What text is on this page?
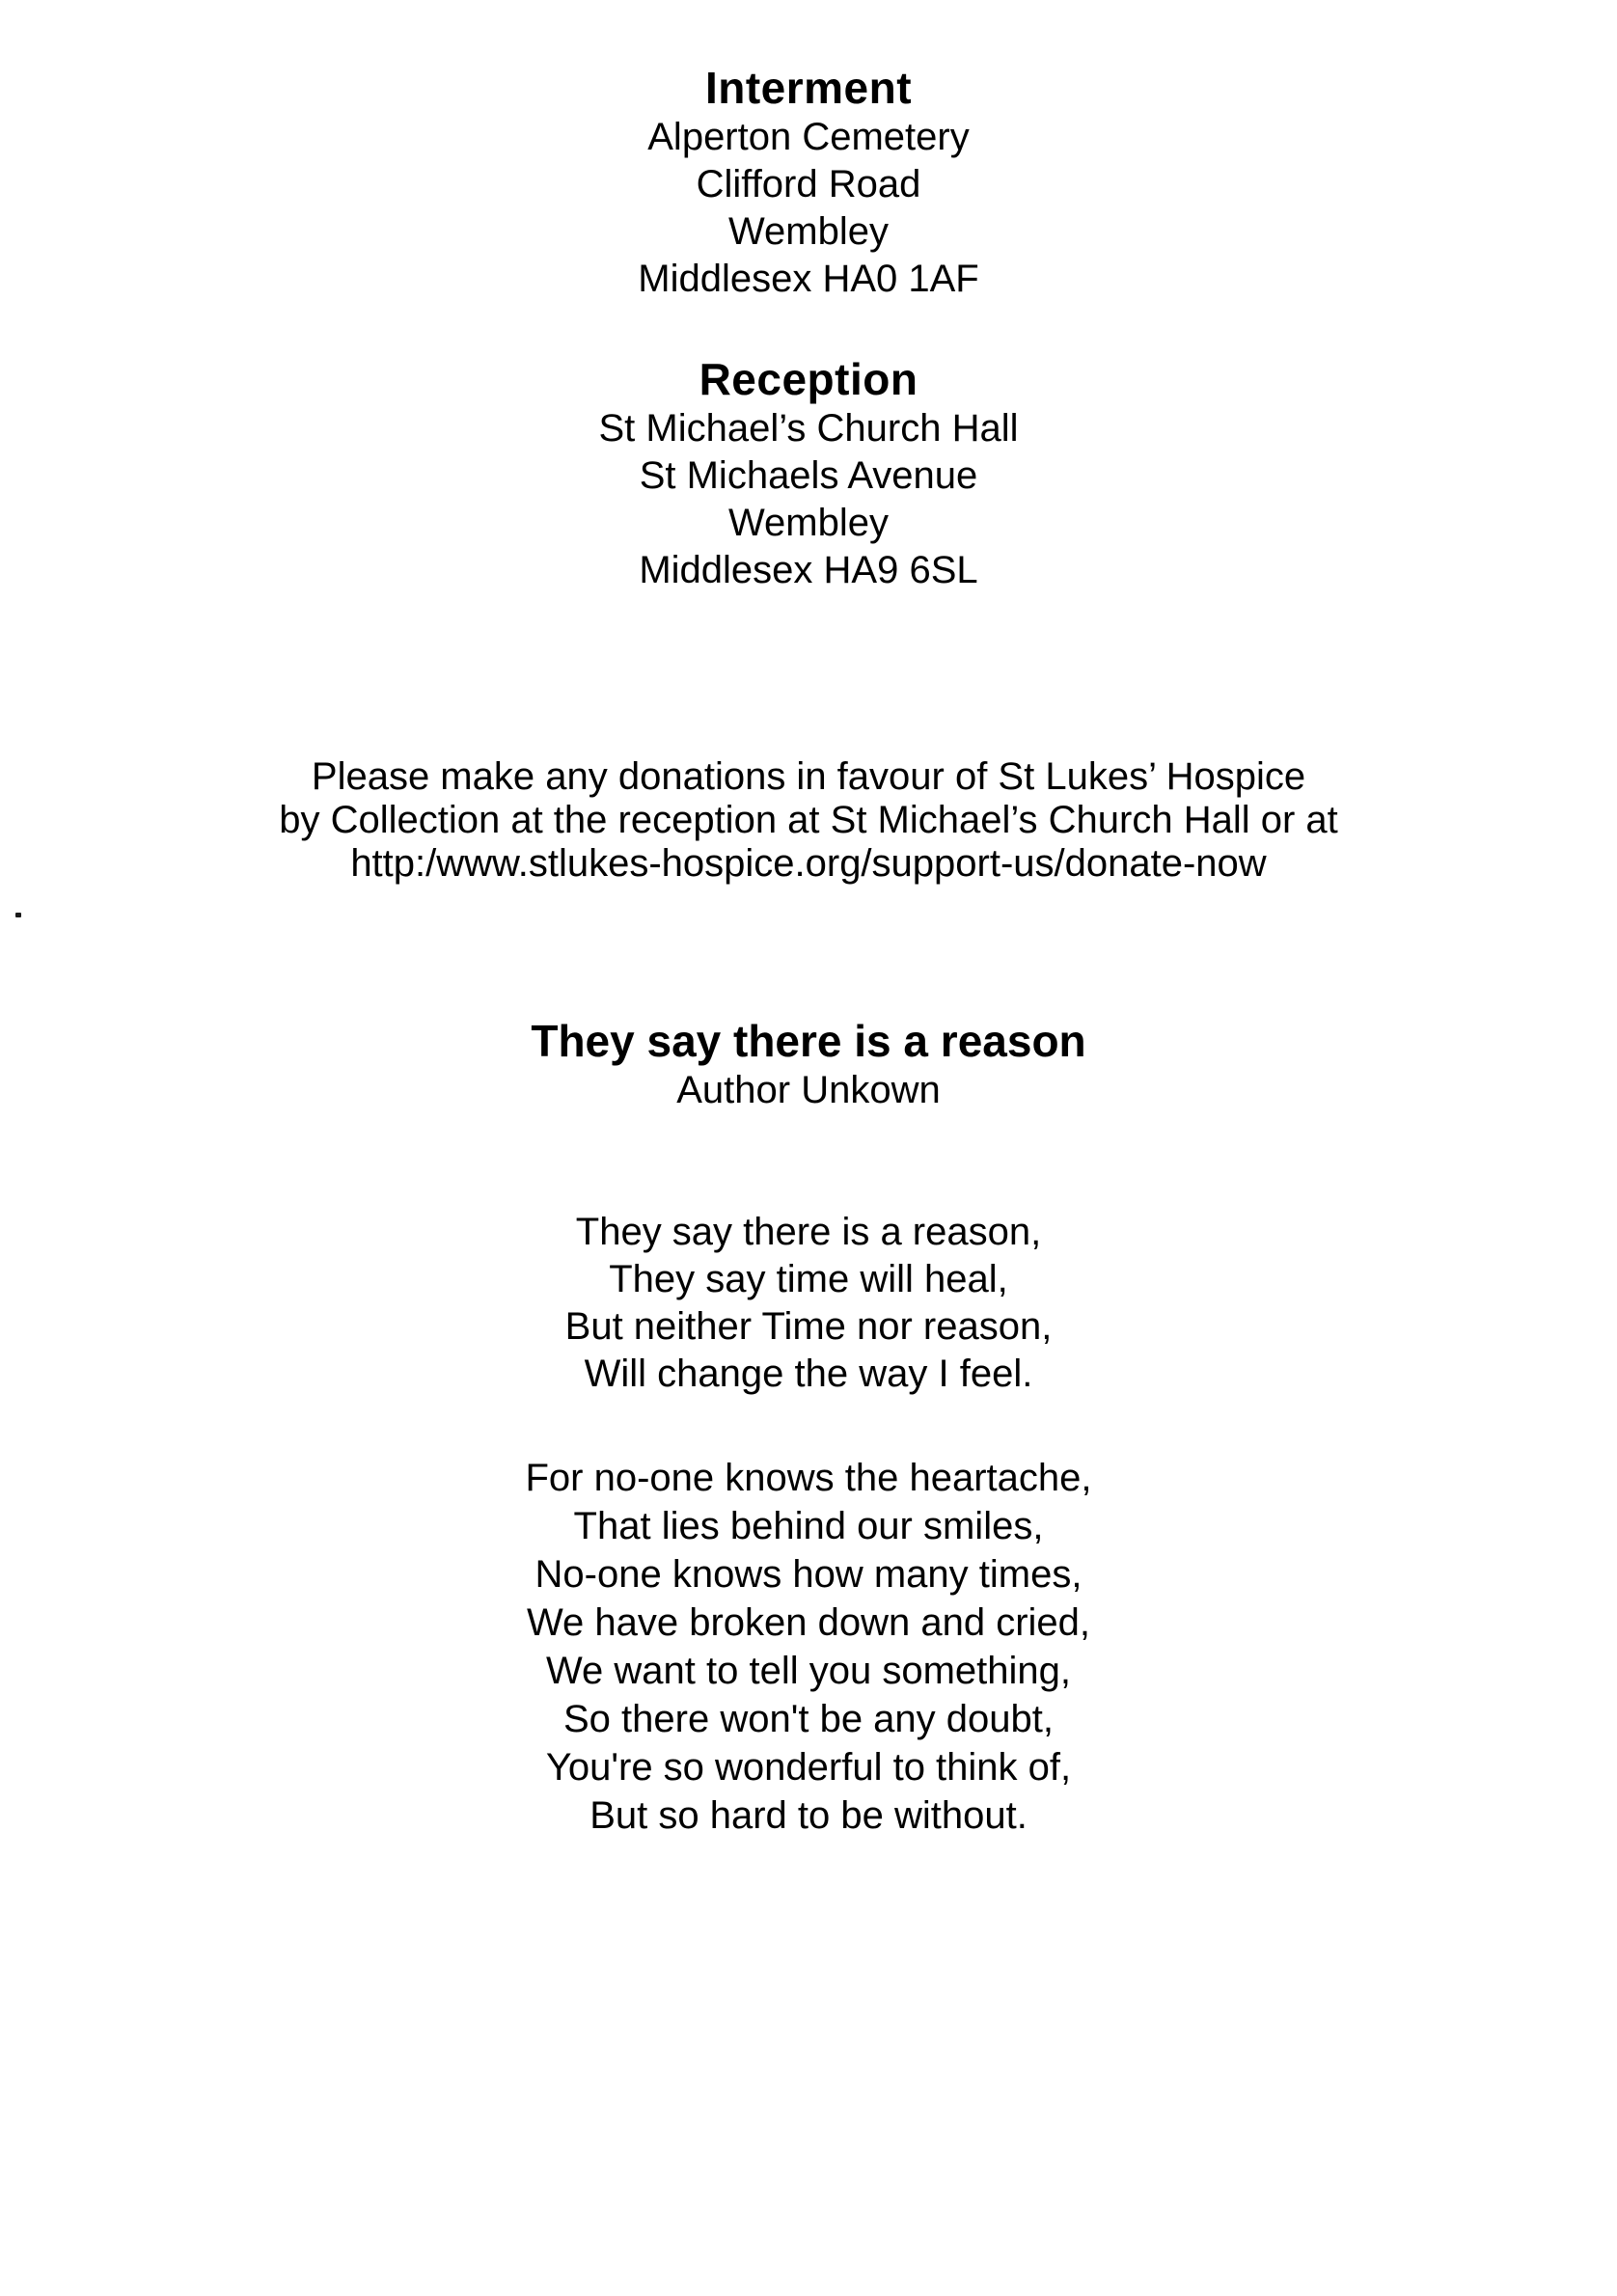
Interment
Alperton Cemetery
Clifford Road
Wembley
Middlesex HA0 1AF
Reception
St Michael’s Church Hall
St Michaels Avenue
Wembley
Middlesex HA9 6SL
Please make any donations in favour of St Lukes’ Hospice
by Collection at the reception at St Michael’s Church Hall or at
http:/www.stlukes-hospice.org/support-us/donate-now
They say there is a reason
Author Unkown
They say there is a reason,
They say time will heal,
But neither Time nor reason,
Will change the way I feel.
For no-one knows the heartache,
That lies behind our smiles,
No-one knows how many times,
We have broken down and cried,
We want to tell you something,
So there won't be any doubt,
You're so wonderful to think of,
But so hard to be without.
